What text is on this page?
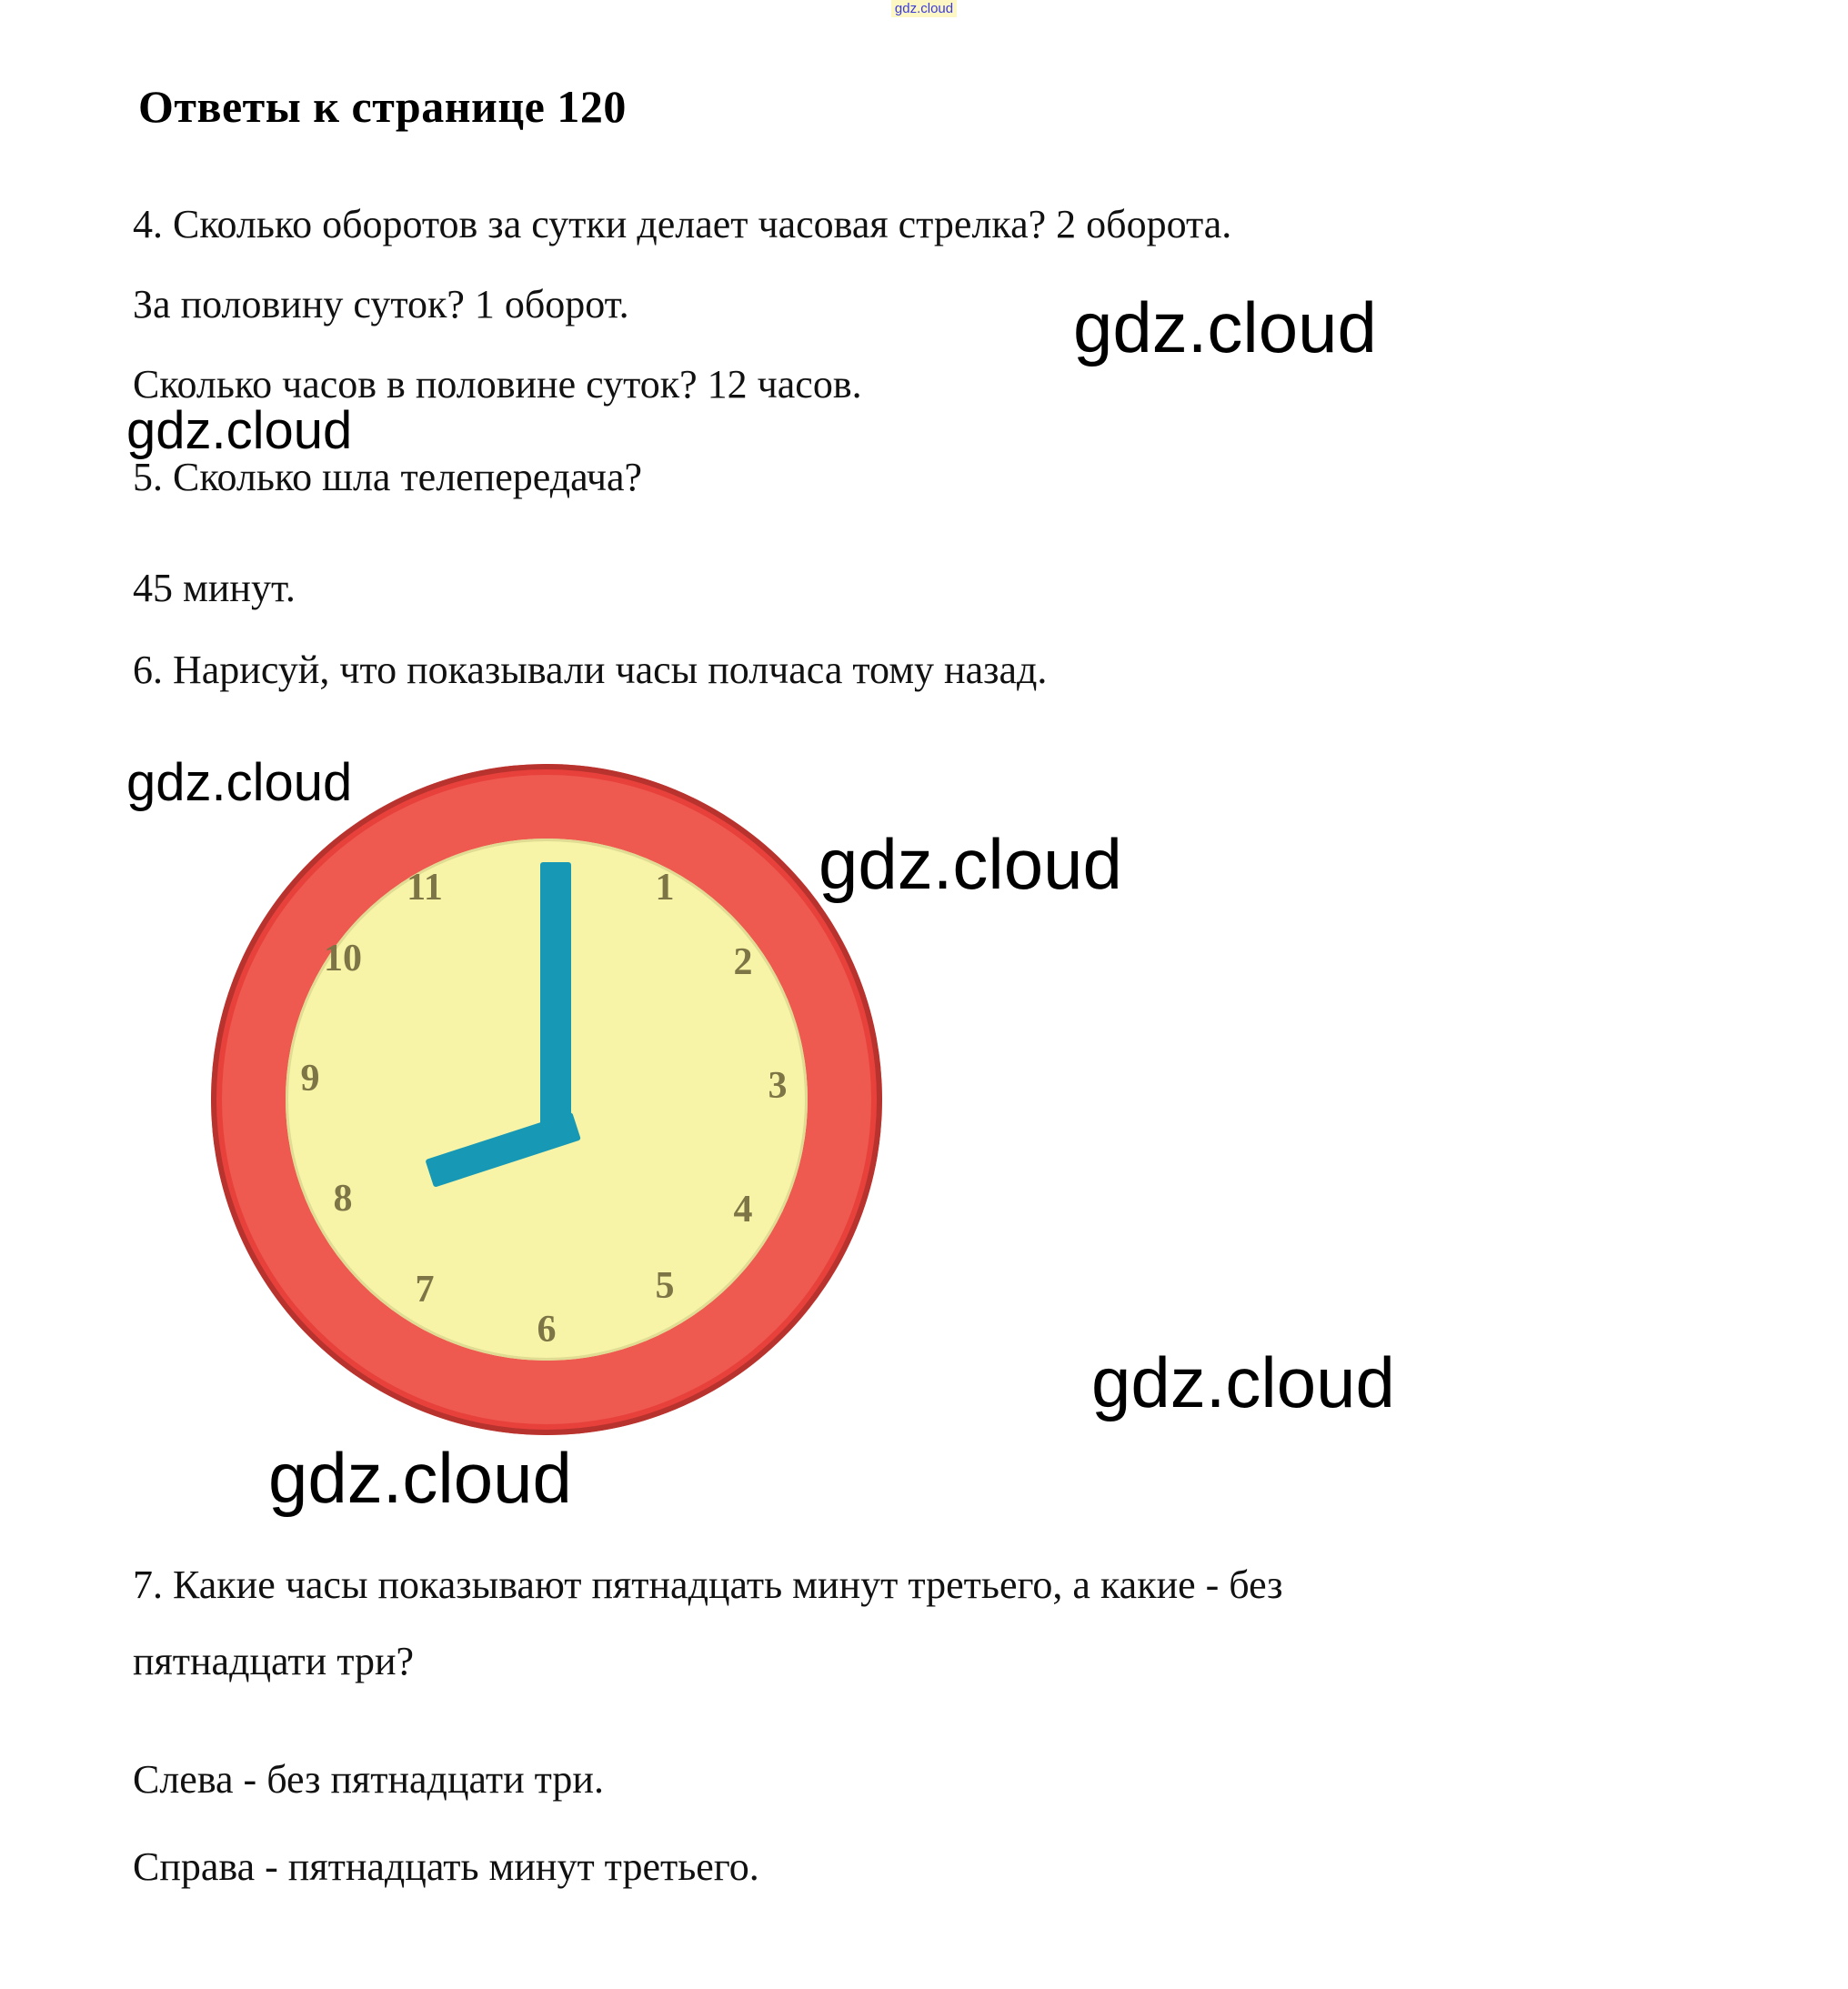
gdz.cloud
Ответы к странице 120
4. Сколько оборотов за сутки делает часовая стрелка? 2 оборота.
За половину суток? 1 оборот.
Сколько часов в половине суток? 12 часов.
5. Сколько шла телепередача?
45 минут.
6. Нарисуй, что показывали часы полчаса тому назад.
6
7
8
9
10
11	1
2
3
4
5
7. Какие часы показывают пятнадцать минут третьего, а какие - без
пятнадцати три?
Слева - без пятнадцати три.
Справа - пятнадцать минут третьего.
gdz.cloud
gdz.cloud
gdz.cloud
gdz.cloud
gdz.cloud
gdz.cloud
